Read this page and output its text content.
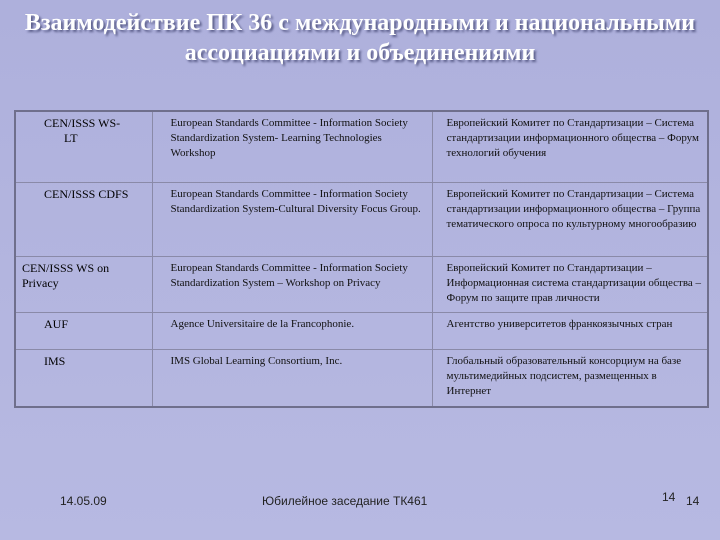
Взаимодействие ПК 36 с международными и национальными
ассоциациями и объединениями
CEN/ISSS WS-
LT	European Standards Committee - Information Society Standardization System- Learning Technologies Workshop	Европейский Комитет по Стандартизации – Система стандартизации информационного общества – Форум технологий обучения

CEN/ISSS CDFS	European Standards Committee - Information Society Standardization System-Cultural Diversity Focus Group.	Европейский Комитет по Стандартизации – Система стандартизации информационного общества – Группа тематического опроса по культурному многообразию

CEN/ISSS WS on Privacy	European Standards Committee - Information Society Standardization System – Workshop on Privacy	Европейский Комитет по Стандартизации – Информационная система стандартизации общества – Форум по защите прав личности

AUF	Agence Universitaire de la Francophonie.	Агентство университетов франкоязычных стран

IMS	IMS Global Learning Consortium, Inc.	Глобальный образовательный консорциум на базе мультимедийных подсистем, размещенных в Интернет
14.05.09	Юбилейное заседание ТК461	14 14
